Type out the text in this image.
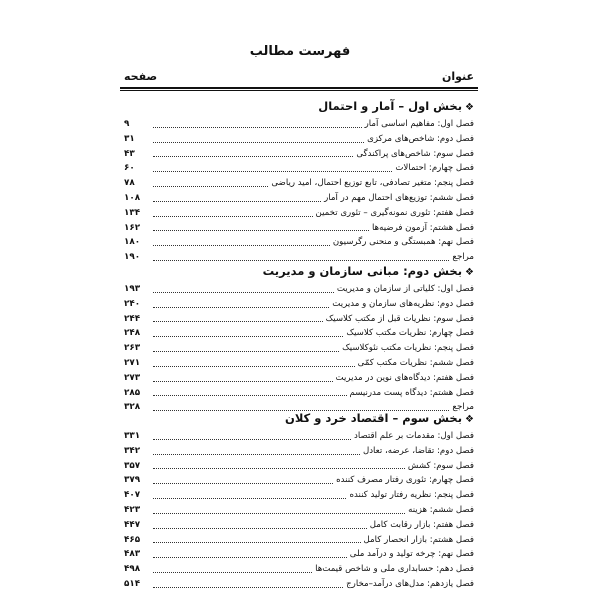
فهرست مطالب
عنوان
صفحه
❖بخش اول – آمار و احتمال
فصل اول: مفاهیم اساسی آمار
۹
فصل دوم: شاخص‌های مرکزی
۳۱
فصل سوم: شاخص‌های پراکندگی
۴۳
فصل چهارم: احتمالات
۶۰
فصل پنجم: متغیر تصادفی، تابع توزیع احتمال، امید ریاضی
۷۸
فصل ششم: توزیع‌های احتمال مهم در آمار
۱۰۸
فصل هفتم: تئوری نمونه‌گیری – تئوری تخمین
۱۳۴
فصل هشتم: آزمون فرضیه‌ها
۱۶۲
فصل نهم: همبستگی و منحنی رگرسیون
۱۸۰
مراجع
۱۹۰
❖بخش دوم: مبانی سازمان و مدیریت
فصل اول: کلیاتی از سازمان و مدیریت
۱۹۳
فصل دوم: نظریه‌های سازمان و مدیریت
۲۴۰
فصل سوم: نظریات قبل از مکتب کلاسیک
۲۴۴
فصل چهارم: نظریات مکتب کلاسیک
۲۴۸
فصل پنجم: نظریات مکتب نئوکلاسیک
۲۶۳
فصل ششم: نظریات مکتب کمّی
۲۷۱
فصل هفتم: دیدگاه‌های نوین در مدیریت
۲۷۳
فصل هشتم: دیدگاه پست مدرنیسم
۲۸۵
مراجع
۳۲۸
❖بخش سوم – اقتصاد خرد و کلان
فصل اول: مقدمات بر علم اقتصاد
۳۳۱
فصل دوم: تقاضا، عرضه، تعادل
۳۴۲
فصل سوم: کشش
۳۵۷
فصل چهارم: تئوری رفتار مصرف کننده
۳۷۹
فصل پنجم: نظریه رفتار تولید کننده
۴۰۷
فصل ششم: هزینه
۴۲۳
فصل هفتم: بازار رقابت کامل
۴۴۷
فصل هشتم: بازار انحصار کامل
۴۶۵
فصل نهم: چرخه تولید و درآمد ملی
۴۸۳
فصل دهم: حسابداری ملی و شاخص قیمت‌ها
۴۹۸
فصل یازدهم: مدل‌های درآمد–مخارج
۵۱۴
